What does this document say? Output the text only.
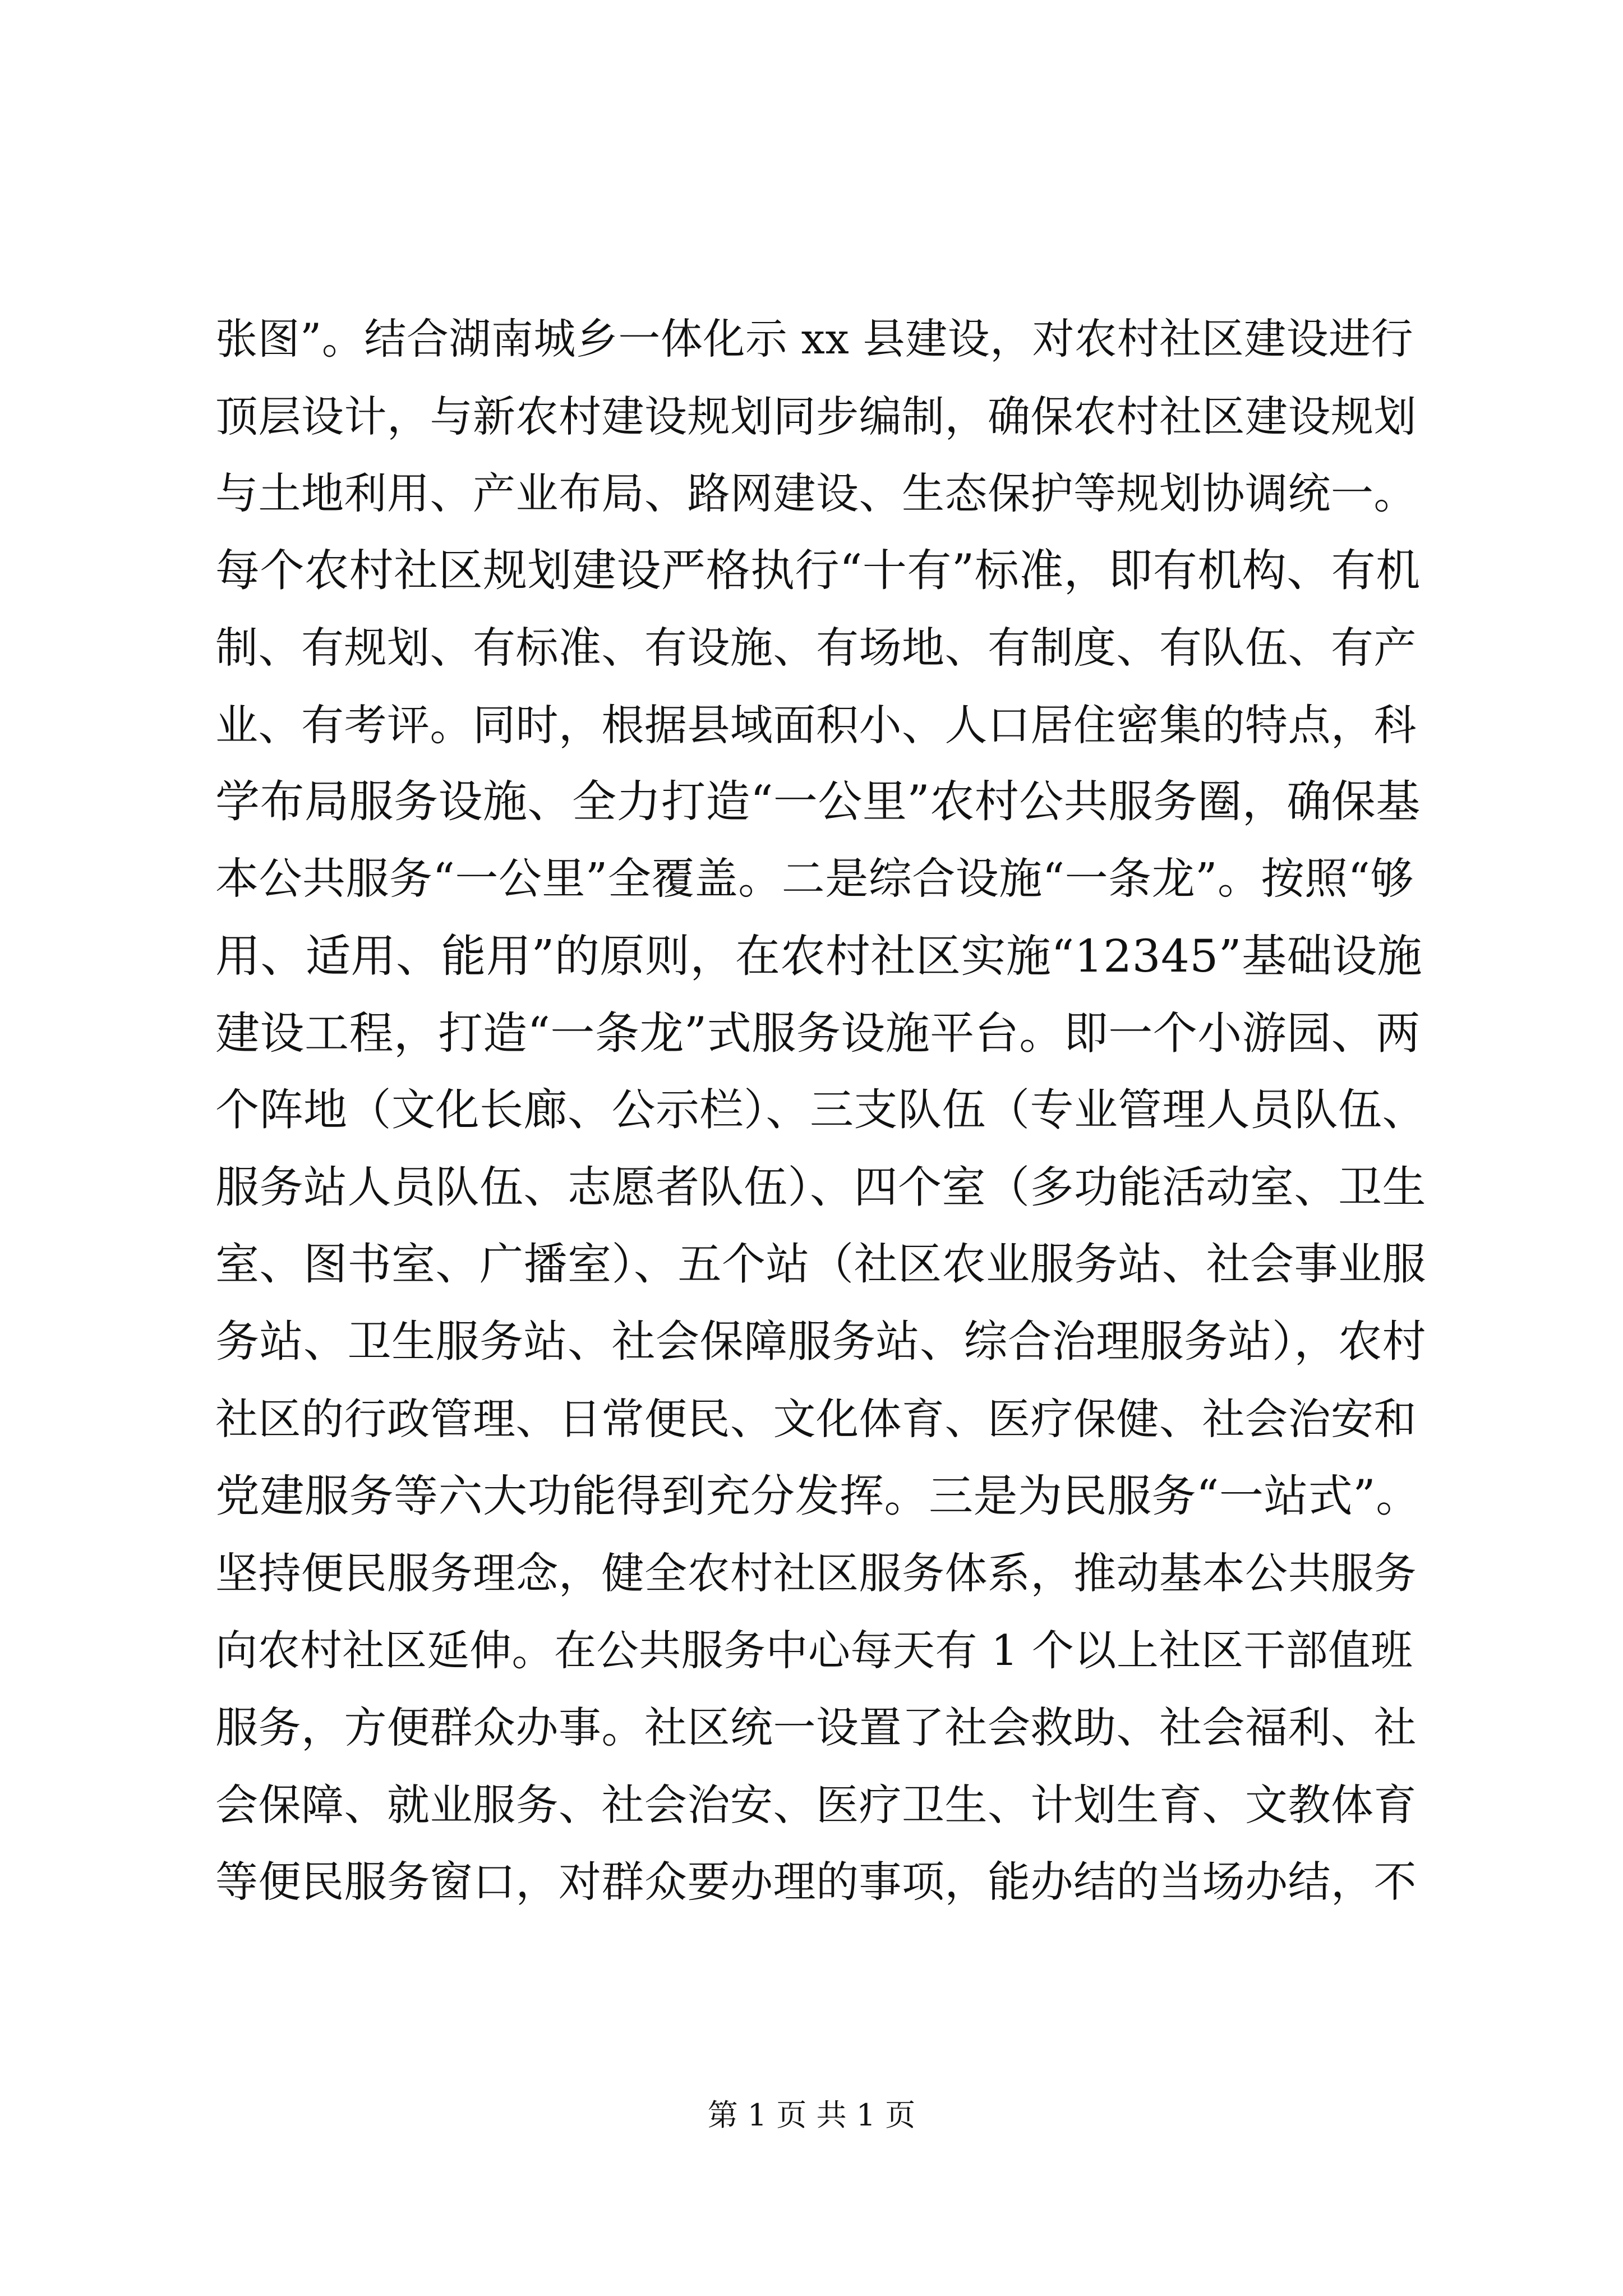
张图”。结合湖南城乡一体化示 xx 县建设，对农村社区建设进行
顶层设计，与新农村建设规划同步编制，确保农村社区建设规划
与土地利用、产业布局、路网建设、生态保护等规划协调统一。
每个农村社区规划建设严格执行“十有”标准，即有机构、有机
制、有规划、有标准、有设施、有场地、有制度、有队伍、有产
业、有考评。同时，根据县域面积小、人口居住密集的特点，科
学布局服务设施、全力打造“一公里”农村公共服务圈，确保基
本公共服务“一公里”全覆盖。二是综合设施“一条龙”。按照“够
用、适用、能用”的原则，在农村社区实施“12345”基础设施
建设工程，打造“一条龙”式服务设施平台。即一个小游园、两
个阵地（文化长廊、公示栏）、三支队伍（专业管理人员队伍、
服务站人员队伍、志愿者队伍）、四个室（多功能活动室、卫生
室、图书室、广播室）、五个站（社区农业服务站、社会事业服
务站、卫生服务站、社会保障服务站、综合治理服务站），农村
社区的行政管理、日常便民、文化体育、医疗保健、社会治安和
党建服务等六大功能得到充分发挥。三是为民服务“一站式”。
坚持便民服务理念，健全农村社区服务体系，推动基本公共服务
向农村社区延伸。在公共服务中心每天有 1 个以上社区干部值班
服务，方便群众办事。社区统一设置了社会救助、社会福利、社
会保障、就业服务、社会治安、医疗卫生、计划生育、文教体育
等便民服务窗口，对群众要办理的事项，能办结的当场办结，不
第 1 页 共 1 页
